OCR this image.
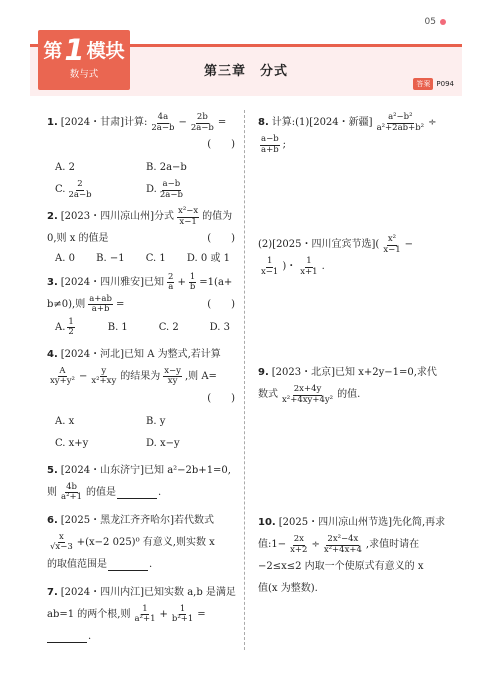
05
第 1 模块
数与式	第三章　分式
答案 P094
1. [2024・甘肃]计算: $\frac{4a}{2a-b} - \frac{2b}{2a-b}$ =
(　　)
A. 2	B. 2a−b
C. $\frac{2}{2a-b}$	D. $\frac{a-b}{2a-b}$
2. [2023・四川凉山州]分式 $\frac{\text{x²−x}}{x-1}$ 的值为
0,则 x 的值是	(　　)
A. 0 B. −1 C. 1 D. 0 或 1
3. [2024・四川雅安]已知 $\frac{2}{a} + \frac{1}{b} =1(a+$
b≠0),则 $\frac{a+ab}{a+b}$ =	(　　)
A. $\frac{1}{2}$	B. 1	C. 2	D. 3
4. [2024・河北]已知 A 为整式,若计算
$\frac{A}{\text{xy+y²}} - \frac{y}{\text{x²+xy}}$ 的结果为 $\frac{x-y}{xy}$ ,则 A=
(　　)
A. x	B. y
C. x+y	D. x−y
5. [2024・山东济宁]已知 a²−2b+1=0,
则 $\frac{4b}{\text{a²+1}}$ 的值是	.
6. [2025・黑龙江齐齐哈尔]若代数式
$\frac{x}{√x-3} +(x-2$ 025)⁰ 有意义,则实数 x
的取值范围是	.
7. [2024・四川内江]已知实数 a,b 是满足
ab=1 的两个根,则 $\frac{1}{\text{a²+1}} + \frac{1}{\text{b²+1}}$ =
.
8. 计算:(1)[2024・新疆] $\frac{\text{a²−b²}}{\text{a²+2ab+b²}}$ ÷
$\frac{a-b}{a+b}$ ;
(2)[2025・四川宜宾节选]( $\frac{\text{x²}}{x-1}$ −
$\frac{1}{x-1}$ )・ $\frac{1}{x+1}$ .
9. [2023・北京]已知 x+2y−1=0,求代
数式 $\frac{2x+4y}{\text{x²+4xy+4y²}}$ 的值.
10. [2025・四川凉山州节选]先化简,再求
值:1− $\frac{2x}{x+2} \div \frac{\text{2x²−4x}}{\text{x²+4x+4}}$ ,求值时请在
−2≤x≤2 内取一个使原式有意义的 x
值(x 为整数).
